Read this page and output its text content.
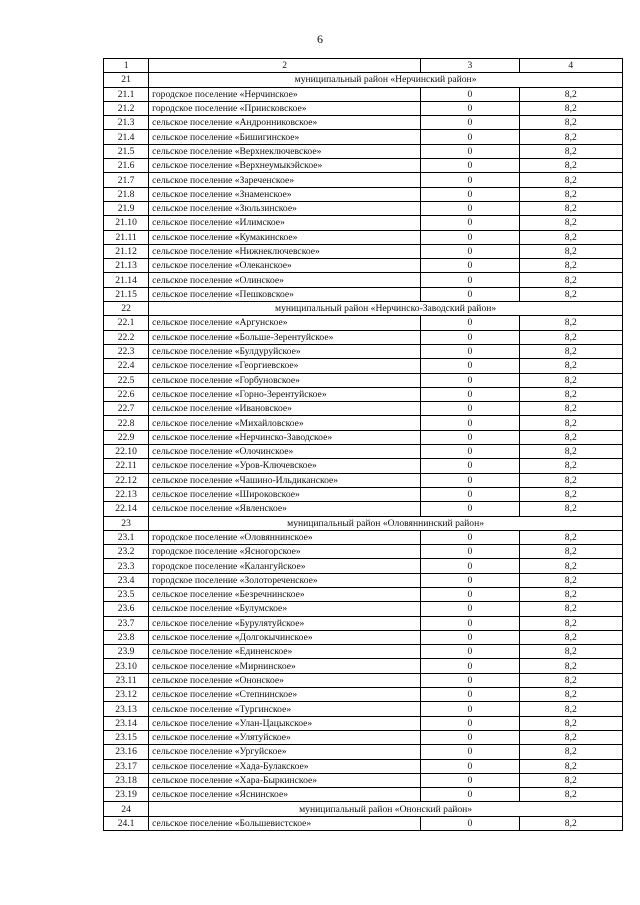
6
1	2	3	4
21	муниципальный район «Нерчинский район»		
21.1	городское поселение «Нерчинское»	0	8,2
21.2	городское поселение «Приисковское»	0	8,2
21.3	сельское поселение «Андронниковское»	0	8,2
21.4	сельское поселение «Бишигинское»	0	8,2
21.5	сельское поселение «Верхнеключевское»	0	8,2
21.6	сельское поселение «Верхнеумыкэйское»	0	8,2
21.7	сельское поселение «Зареченское»	0	8,2
21.8	сельское поселение «Знаменское»	0	8,2
21.9	сельское поселение «Зюльзинское»	0	8,2
21.10	сельское поселение «Илимское»	0	8,2
21.11	сельское поселение «Кумакинское»	0	8,2
21.12	сельское поселение «Нижнеключевское»	0	8,2
21.13	сельское поселение «Олеканское»	0	8,2
21.14	сельское поселение «Олинское»	0	8,2
21.15	сельское поселение «Пешковское»	0	8,2
22	муниципальный район «Нерчинско-Заводский район»		
22.1	сельское поселение «Аргунское»	0	8,2
22.2	сельское поселение «Больше-Зерентуйское»	0	8,2
22.3	сельское поселение «Булдуруйское»	0	8,2
22.4	сельское поселение «Георгиевское»	0	8,2
22.5	сельское поселение «Горбуновское»	0	8,2
22.6	сельское поселение «Горно-Зерентуйское»	0	8,2
22.7	сельское поселение «Ивановское»	0	8,2
22.8	сельское поселение «Михайловское»	0	8,2
22.9	сельское поселение «Нерчинско-Заводское»	0	8,2
22.10	сельское поселение «Олочинское»	0	8,2
22.11	сельское поселение «Уров-Ключевское»	0	8,2
22.12	сельское поселение «Чашино-Ильдиканское»	0	8,2
22.13	сельское поселение «Широковское»	0	8,2
22.14	сельское поселение «Явленское»	0	8,2
23	муниципальный район «Оловяннинский район»		
23.1	городское поселение «Оловяннинское»	0	8,2
23.2	городское поселение «Ясногорское»	0	8,2
23.3	городское поселение «Калангуйское»	0	8,2
23.4	городское поселение «Золотореченское»	0	8,2
23.5	сельское поселение «Безречнинское»	0	8,2
23.6	сельское поселение «Булумское»	0	8,2
23.7	сельское поселение «Бурулятуйское»	0	8,2
23.8	сельское поселение «Долгокычинское»	0	8,2
23.9	сельское поселение «Единенское»	0	8,2
23.10	сельское поселение «Мирнинское»	0	8,2
23.11	сельское поселение «Ононское»	0	8,2
23.12	сельское поселение «Степнинское»	0	8,2
23.13	сельское поселение «Тургинское»	0	8,2
23.14	сельское поселение «Улан-Цацыкское»	0	8,2
23.15	сельское поселение «Улятуйское»	0	8,2
23.16	сельское поселение «Ургуйское»	0	8,2
23.17	сельское поселение «Хада-Булакское»	0	8,2
23.18	сельское поселение «Хара-Быркинское»	0	8,2
23.19	сельское поселение «Яснинское»	0	8,2
24	муниципальный район «Ононский район»		
24.1	сельское поселение «Большевистское»	0	8,2
